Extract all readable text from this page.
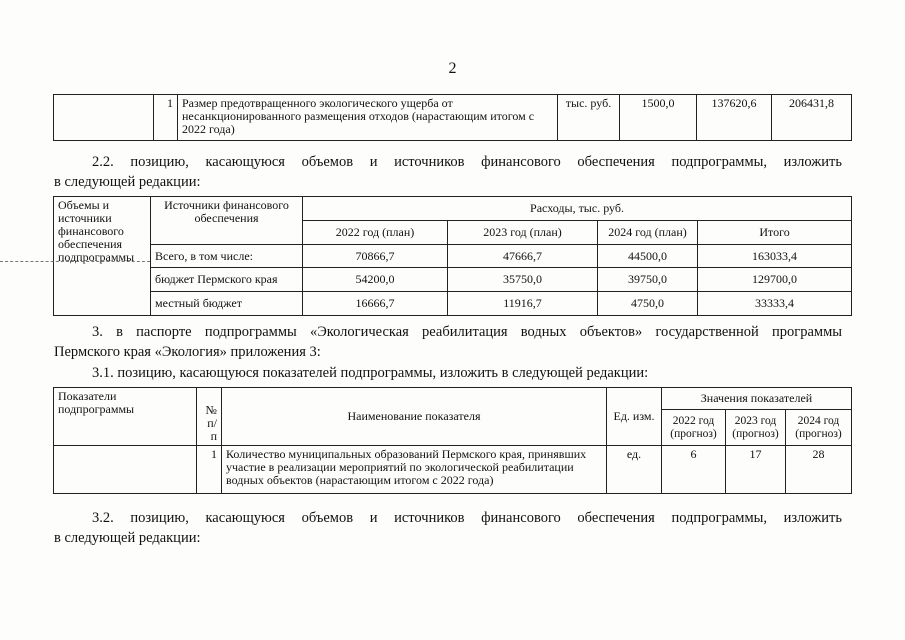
2
	1	Размер предотвращенного экологического ущерба от несанкционированного размещения отходов (нарастающим итогом с 2022 года)	тыс. руб.	1500,0	137620,6	206431,8
2.2. позицию, касающуюся объемов и источников финансового обеспечения подпрограммы, изложить
в следующей редакции:
Объемы и источники финансового обеспечения подпрограммы	Источники финансового обеспечения	Расходы, тыс. руб.			
		2022 год (план)	2023 год (план)	2024 год (план)	Итого
	Всего, в том числе:	70866,7	47666,7	44500,0	163033,4
	бюджет Пермского края	54200,0	35750,0	39750,0	129700,0
	местный бюджет	16666,7	11916,7	4750,0	33333,4
3. в паспорте подпрограммы «Экологическая реабилитация водных объектов» государственной программы
Пермского края «Экология» приложения 3:
3.1. позицию, касающуюся показателей подпрограммы, изложить в следующей редакции:
Показатели подпрограммы	№ п/п	Наименование показателя	Ед. изм.	Значения показателей		
				2022 год (прогноз)	2023 год (прогноз)	2024 год (прогноз)
	1	Количество муниципальных образований Пермского края, принявших участие в реализации мероприятий по экологической реабилитации водных объектов (нарастающим итогом с 2022 года)	ед.	6	17	28
3.2. позицию, касающуюся объемов и источников финансового обеспечения подпрограммы, изложить
в следующей редакции:
